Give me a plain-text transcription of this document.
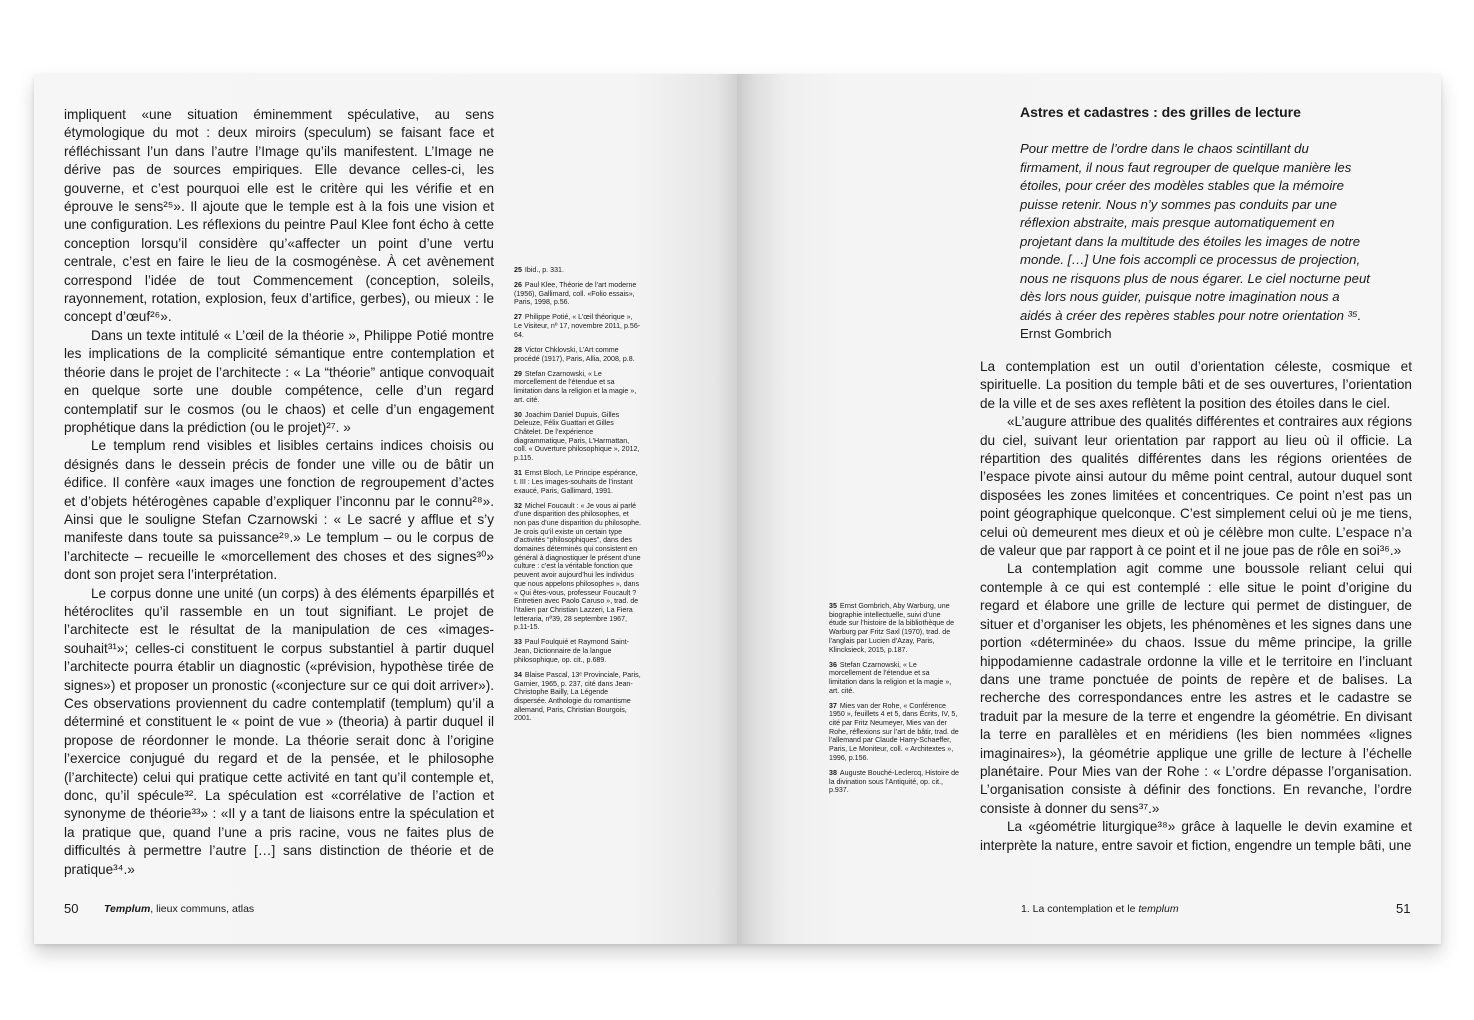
impliquent «une situation éminemment spéculative, au sens étymologique du mot : deux miroirs (speculum) se faisant face et réfléchissant l’un dans l’autre l’Image qu’ils manifestent. L’Image ne dérive pas de sources empiriques. Elle devance celles-ci, les gouverne, et c’est pourquoi elle est le critère qui les vérifie et en éprouve le sens²⁵». Il ajoute que le temple est à la fois une vision et une configuration. Les réflexions du peintre Paul Klee font écho à cette conception lorsqu’il considère qu’«affecter un point d’une vertu centrale, c’est en faire le lieu de la cosmogénèse. À cet avènement correspond l’idée de tout Commencement (conception, soleils, rayonnement, rotation, explosion, feux d’artifice, gerbes), ou mieux : le concept d’œuf²⁶».

Dans un texte intitulé « L’œil de la théorie », Philippe Potié montre les implications de la complicité sémantique entre contemplation et théorie dans le projet de l’architecte : « La “théorie” antique convoquait en quelque sorte une double compétence, celle d’un regard contemplatif sur le cosmos (ou le chaos) et celle d’un engagement prophétique dans la prédiction (ou le projet)²⁷. »

Le templum rend visibles et lisibles certains indices choisis ou désignés dans le dessein précis de fonder une ville ou de bâtir un édifice. Il confère «aux images une fonction de regroupement d’actes et d’objets hétérogènes capable d’expliquer l’inconnu par le connu²⁸». Ainsi que le souligne Stefan Czarnowski : « Le sacré y afflue et s’y manifeste dans toute sa puissance²⁹.» Le templum – ou le corpus de l’architecte – recueille le «morcellement des choses et des signes³⁰» dont son projet sera l’interprétation.

Le corpus donne une unité (un corps) à des éléments éparpillés et hétéroclites qu’il rassemble en un tout signifiant. Le projet de l’architecte est le résultat de la manipulation de ces «images-souhait³¹»; celles-ci constituent le corpus substantiel à partir duquel l’architecte pourra établir un diagnostic («prévision, hypothèse tirée de signes») et proposer un pronostic («conjecture sur ce qui doit arriver»). Ces observations proviennent du cadre contemplatif (templum) qu’il a déterminé et constituent le « point de vue » (theoria) à partir duquel il propose de réordonner le monde. La théorie serait donc à l’origine l’exercice conjugué du regard et de la pensée, et le philosophe (l’architecte) celui qui pratique cette activité en tant qu’il contemple et, donc, qu’il spécule³². La spéculation est «corrélative de l’action et synonyme de théorie³³» : «Il y a tant de liaisons entre la spéculation et la pratique que, quand l’une a pris racine, vous ne faites plus de difficultés à permettre l’autre […] sans distinction de théorie et de pratique³⁴.»

25 Ibid., p. 331.
26 Paul Klee, Théorie de l’art moderne (1956), Gallimard, coll. «Folio essais», Paris, 1998, p.56.
27 Philippe Potié, « L’œil théorique », Le Visiteur, nº 17, novembre 2011, p.56-64.
28 Victor Chklovski, L’Art comme procédé (1917), Paris, Allia, 2008, p.8.
29 Stefan Czarnowski, « Le morcellement de l’étendue et sa limitation dans la religion et la magie », art. cité.
30 Joachim Daniel Dupuis, Gilles Deleuze, Félix Guattari et Gilles Châtelet. De l’expérience diagrammatique, Paris, L’Harmattan, coll. « Ouverture philosophique », 2012, p.115.
31 Ernst Bloch, Le Principe espérance, t. III : Les images-souhaits de l’instant exaucé, Paris, Gallimard, 1991.
32 Michel Foucault : « Je vous ai parlé d’une disparition des philosophes, et non pas d’une disparition du philosophe. Je crois qu’il existe un certain type d’activités “philosophiques”, dans des domaines déterminés qui consistent en général à diagnostiquer le présent d’une culture : c’est la véritable fonction que peuvent avoir aujourd’hui les individus que nous appelons philosophes », dans « Qui êtes-vous, professeur Foucault ? Entretien avec Paolo Caruso », trad. de l’italien par Christian Lazzeri, La Fiera letteraria, nº39, 28 septembre 1967, p.11-15.
33 Paul Foulquié et Raymond Saint-Jean, Dictionnaire de la langue philosophique, op. cit., p.689.
34 Blaise Pascal, 13ᵉ Provinciale, Paris, Garnier, 1965, p. 237, cité dans Jean-Christophe Bailly, La Légende dispersée. Anthologie du romantisme allemand, Paris, Christian Bourgois, 2001.
50 Templum, lieux communs, atlas
Astres et cadastres : des grilles de lecture
Pour mettre de l’ordre dans le chaos scintillant du firmament, il nous faut regrouper de quelque manière les étoiles, pour créer des modèles stables que la mémoire puisse retenir. Nous n’y sommes pas conduits par une réflexion abstraite, mais presque automatiquement en projetant dans la multitude des étoiles les images de notre monde. […] Une fois accompli ce processus de projection, nous ne risquons plus de nous égarer. Le ciel nocturne peut dès lors nous guider, puisque notre imagination nous a aidés à créer des repères stables pour notre orientation ³⁵.
Ernst Gombrich
35 Ernst Gombrich, Aby Warburg, une biographie intellectuelle, suivi d’une étude sur l’histoire de la bibliothèque de Warburg par Fritz Saxl (1970), trad. de l’anglais par Lucien d’Azay, Paris, Klincksieck, 2015, p.187.
36 Stefan Czarnowski, « Le morcellement de l’étendue et sa limitation dans la religion et la magie », art. cité.
37 Mies van der Rohe, « Conférence 1950 », feuillets 4 et 5, dans Écrits, IV, 5, cité par Fritz Neumeyer, Mies van der Rohe, réflexions sur l’art de bâtir, trad. de l’allemand par Claude Harry-Schaeffer, Paris, Le Moniteur, coll. « Architextes », 1996, p.156.
38 Auguste Bouché-Leclercq, Histoire de la divination sous l’Antiquité, op. cit., p.937.

La contemplation est un outil d’orientation céleste, cosmique et spirituelle. La position du temple bâti et de ses ouvertures, l’orientation de la ville et de ses axes reflètent la position des étoiles dans le ciel.

«L’augure attribue des qualités différentes et contraires aux régions du ciel, suivant leur orientation par rapport au lieu où il officie. La répartition des qualités différentes dans les régions orientées de l’espace pivote ainsi autour du même point central, autour duquel sont disposées les zones limitées et concentriques. Ce point n’est pas un point géographique quelconque. C’est simplement celui où je me tiens, celui où demeurent mes dieux et où je célèbre mon culte. L’espace n’a de valeur que par rapport à ce point et il ne joue pas de rôle en soi³⁶.»

La contemplation agit comme une boussole reliant celui qui contemple à ce qui est contemplé : elle situe le point d’origine du regard et élabore une grille de lecture qui permet de distinguer, de situer et d’organiser les objets, les phénomènes et les signes dans une portion «déterminée» du chaos. Issue du même principe, la grille hippodamienne cadastrale ordonne la ville et le territoire en l’incluant dans une trame ponctuée de points de repère et de balises. La recherche des correspondances entre les astres et le cadastre se traduit par la mesure de la terre et engendre la géométrie. En divisant la terre en parallèles et en méridiens (les bien nommées «lignes imaginaires»), la géométrie applique une grille de lecture à l’échelle planétaire. Pour Mies van der Rohe : « L’ordre dépasse l’organisation. L’organisation consiste à définir des fonctions. En revanche, l’ordre consiste à donner du sens³⁷.»

La «géométrie liturgique³⁸» grâce à laquelle le devin examine et interprète la nature, entre savoir et fiction, engendre un temple bâti, une

1. La contemplation et le templum	51
